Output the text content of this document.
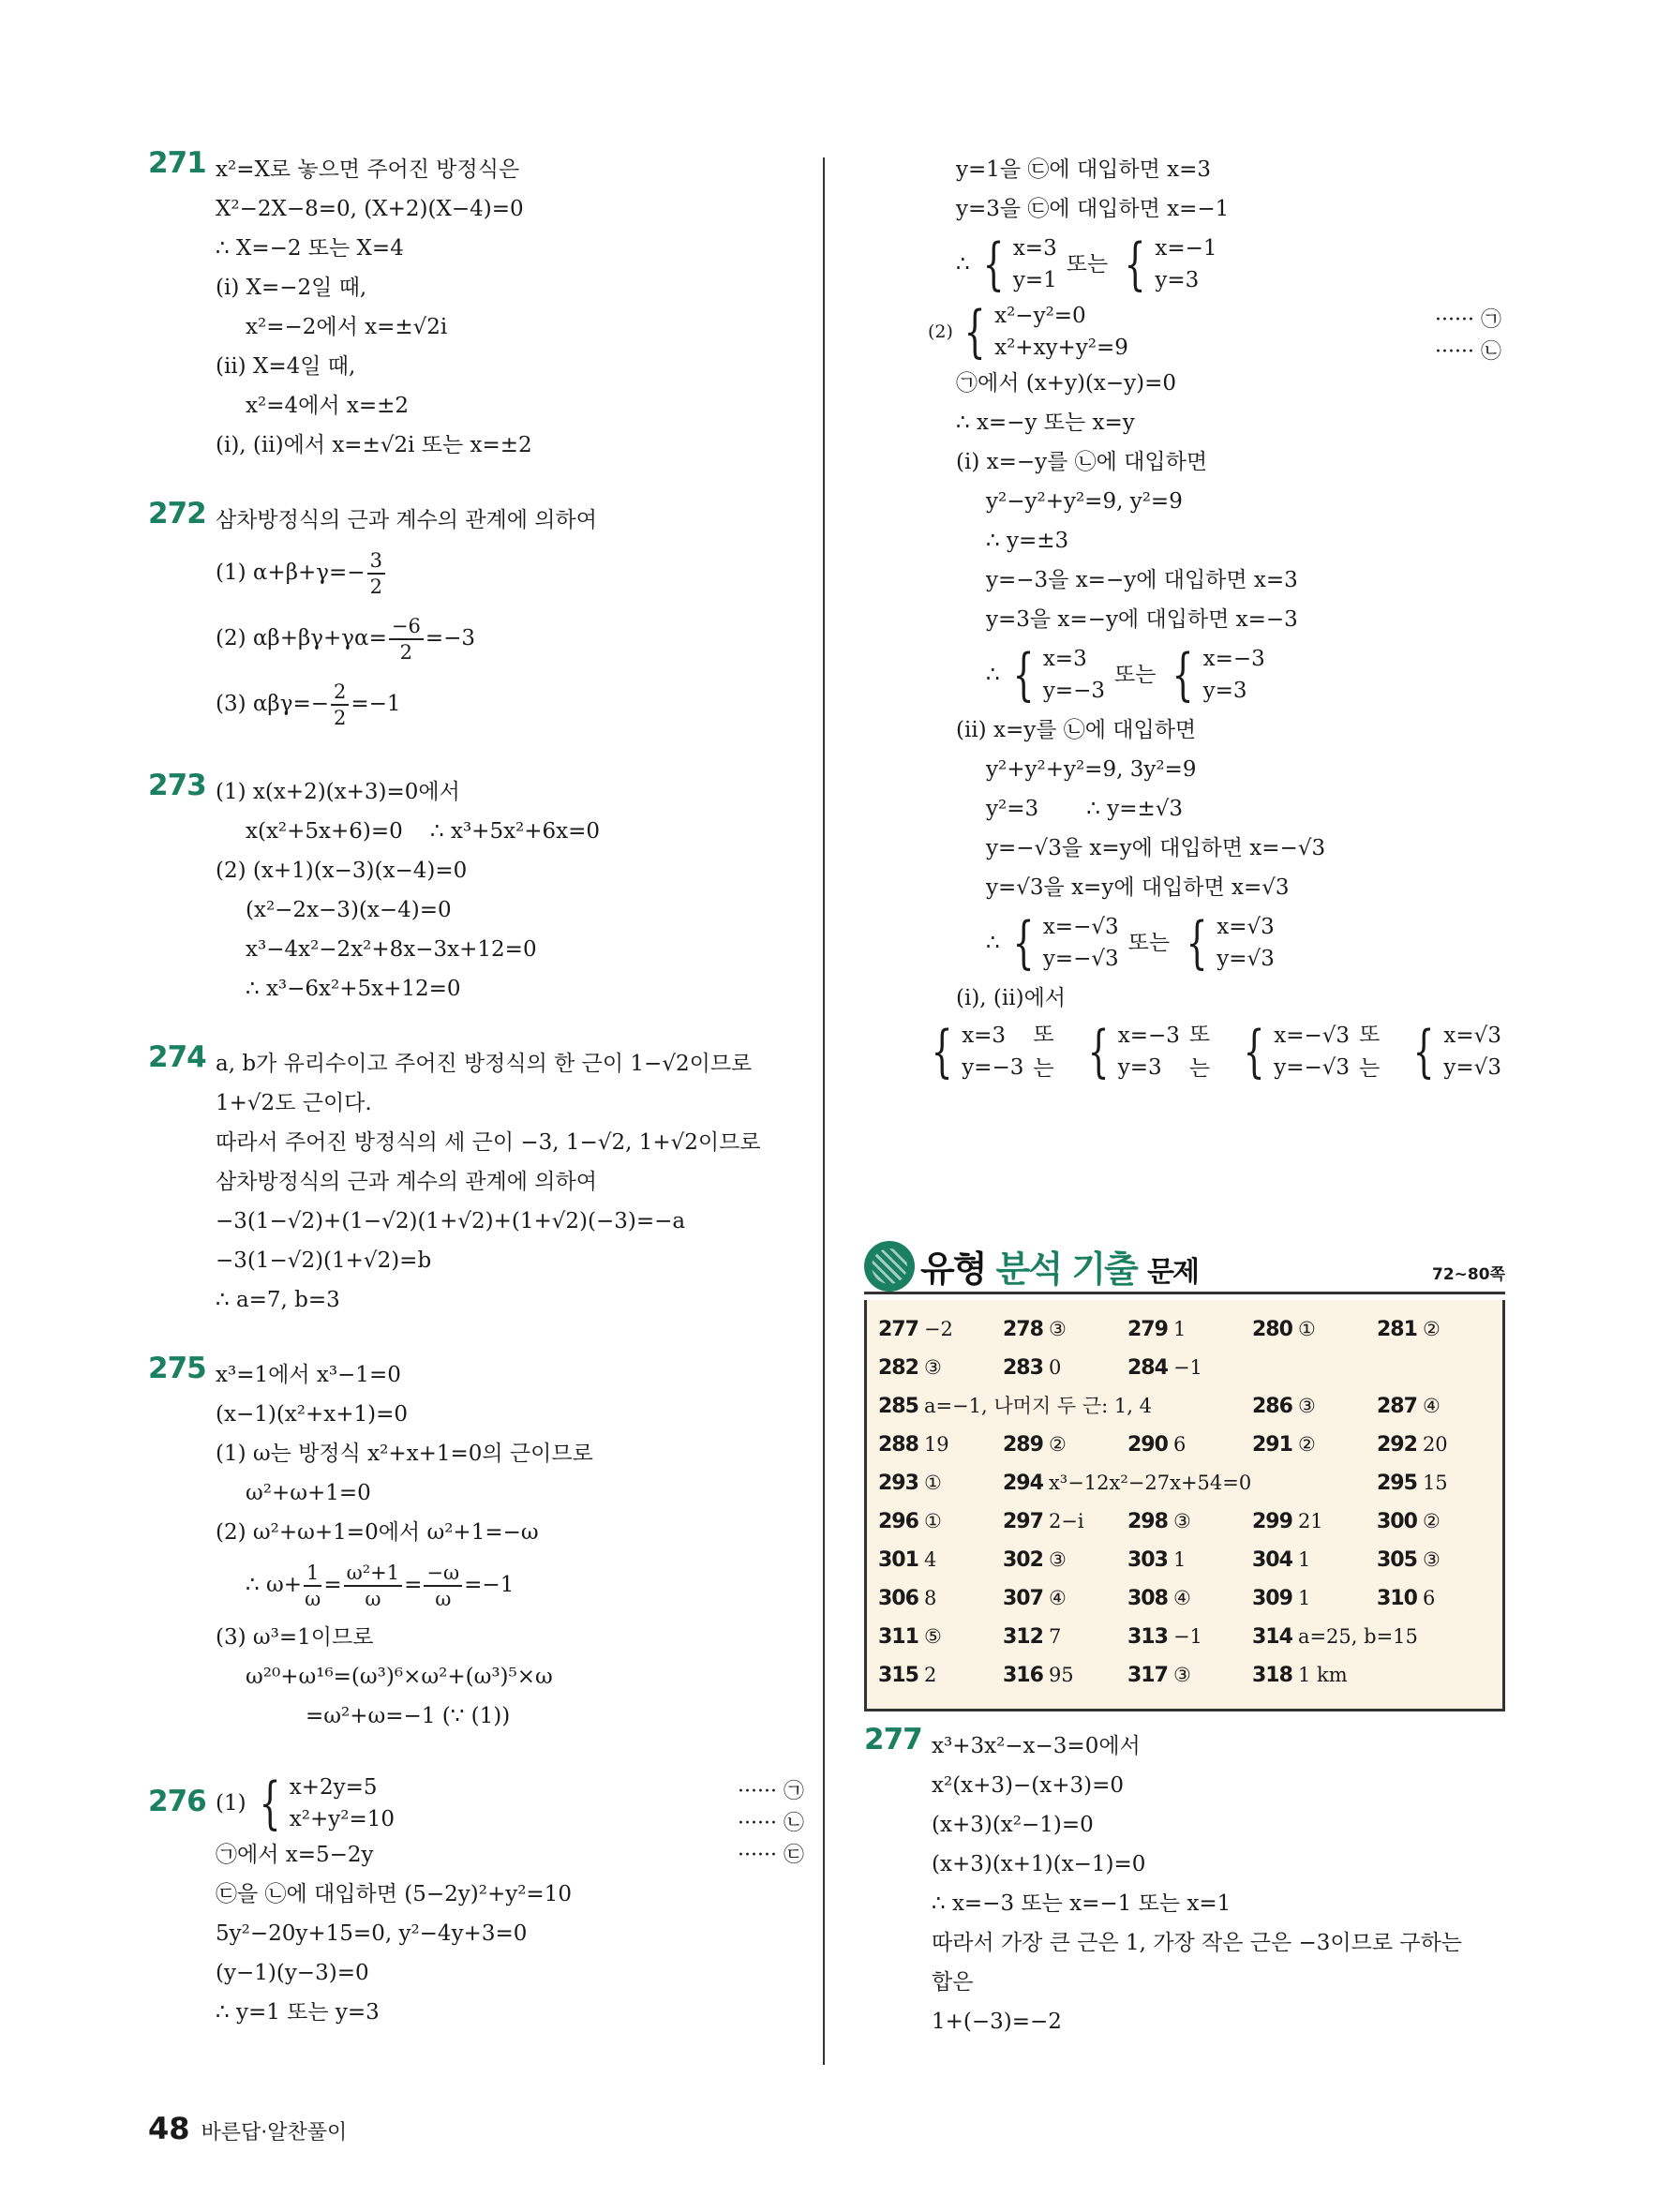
271 x²=X로 놓으면 주어진 방정식은
X²−2X−8=0, (X+2)(X−4)=0
∴ X=−2 또는 X=4
(ⅰ) X=−2일 때,
x²=−2에서 x=±√2i
(ⅱ) X=4일 때,
x²=4에서 x=±2
(ⅰ), (ⅱ)에서 x=±√2i 또는 x=±2
272 삼차방정식의 근과 계수의 관계에 의하여
(1) $\alpha+\beta+\gamma=- \frac{3}{2}$
(2) $\alpha\beta+\beta\gamma+\gamma\alpha= \frac{-6}{2} =-3$
(3) $\alpha\beta\gamma=- \frac{2}{2} =-1$
273 (1) x(x+2)(x+3)=0에서
x(x²+5x+6)=0    ∴ x³+5x²+6x=0
(2) (x+1)(x−3)(x−4)=0
(x²−2x−3)(x−4)=0
x³−4x²−2x²+8x−3x+12=0
∴ x³−6x²+5x+12=0
274 a, b가 유리수이고 주어진 방정식의 한 근이 1−√2이므로
1+√2도 근이다.
따라서 주어진 방정식의 세 근이 −3, 1−√2, 1+√2이므로
삼차방정식의 근과 계수의 관계에 의하여
−3(1−√2)+(1−√2)(1+√2)+(1+√2)(−3)=−a
−3(1−√2)(1+√2)=b
∴ a=7, b=3
275 x³=1에서 x³−1=0
(x−1)(x²+x+1)=0
(1) ω는 방정식 x²+x+1=0의 근이므로
ω²+ω+1=0
(2) ω²+ω+1=0에서 ω²+1=−ω
∴ $\omega+ \frac{1}{\omega} = \frac{\text{ω²+1}}{\omega} = \frac{-\omega}{\omega} =-1$
(3) ω³=1이므로
ω²⁰+ω¹⁶=(ω³)⁶×ω²+(ω³)⁵×ω
=ω²+ω=−1 (∵ (1))
276 (1) { x+2y=5
x²+y²=10
······ ㉠
······ ㉡
㉠에서 x=5−2y	······ ㉢
㉢을 ㉡에 대입하면 (5−2y)²+y²=10
5y²−20y+15=0, y²−4y+3=0
(y−1)(y−3)=0
∴ y=1 또는 y=3
y=1을 ㉢에 대입하면 x=3
y=3을 ㉢에 대입하면 x=−1
∴ { x=3
y=1
또는 { x=−1
y=3
(2) { x²−y²=0
x²+xy+y²=9
······ ㉠
······ ㉡
㉠에서 (x+y)(x−y)=0
∴ x=−y 또는 x=y
(ⅰ) x=−y를 ㉡에 대입하면
y²−y²+y²=9, y²=9
∴ y=±3
y=−3을 x=−y에 대입하면 x=3
y=3을 x=−y에 대입하면 x=−3
∴ { x=3
y=−3
또는 { x=−3
y=3
(ⅱ) x=y를 ㉡에 대입하면
y²+y²+y²=9, 3y²=9
y²=3       ∴ y=±√3
y=−√3을 x=y에 대입하면 x=−√3
y=√3을 x=y에 대입하면 x=√3
∴ { x=−√3
y=−√3
또는 { x=√3
y=√3
(ⅰ), (ⅱ)에서
{ x=3
y=−3
또는 { x=−3
y=3
또는 { x=−√3
y=−√3
또는 { x=√3
y=√3
유형 분석 기출 문제	72~80쪽
277 −2	278 ③	279 1	280 ①	281 ②
282 ③	283 0	284 −1
285 a=−1, 나머지 두 근: 1, 4	286 ③	287 ④
288 19	289 ②	290 6	291 ②	292 20
293 ①	294 x³−12x²−27x+54=0	295 15
296 ①	297 2−i	298 ③	299 21	300 ②
301 4	302 ③	303 1	304 1	305 ③
306 8	307 ④	308 ④	309 1	310 6
311 ⑤	312 7	313 −1	314 a=25, b=15
315 2	316 95	317 ③	318 1 km
277 x³+3x²−x−3=0에서
x²(x+3)−(x+3)=0
(x+3)(x²−1)=0
(x+3)(x+1)(x−1)=0
∴ x=−3 또는 x=−1 또는 x=1
따라서 가장 큰 근은 1, 가장 작은 근은 −3이므로 구하는
합은
1+(−3)=−2
48 바른답·알찬풀이
